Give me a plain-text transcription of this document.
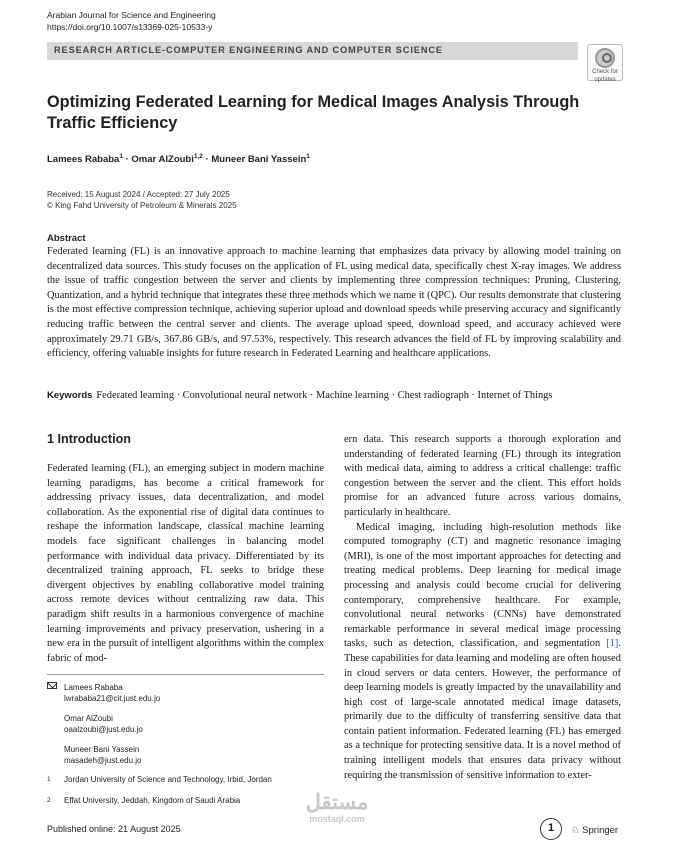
Arabian Journal for Science and Engineering
https://doi.org/10.1007/s13369-025-10533-y
RESEARCH ARTICLE-COMPUTER ENGINEERING AND COMPUTER SCIENCE
Check for
updates
Optimizing Federated Learning for Medical Images Analysis Through Traffic Efficiency
Lamees Rababa$^1$ · Omar AlZoubi$^{1,2}$ · Muneer Bani Yassein$^1$
Received: 15 August 2024 / Accepted: 27 July 2025
© King Fahd University of Petroleum & Minerals 2025
Abstract

Federated learning (FL) is an innovative approach to machine learning that emphasizes data privacy by allowing model training on decentralized data sources. This study focuses on the application of FL using medical data, specifically chest X-ray images. We address the issue of traffic congestion between the server and clients by implementing three compression techniques: Pruning, Clustering, Quantization, and a hybrid technique that integrates these three methods which we name it (QPC). Our results demonstrate that clustering is the most effective compression technique, achieving superior upload and download speeds while preserving accuracy and significantly reducing traffic between the central server and clients. The average upload speed, download speed, and accuracy achieved were approximately 29.71 GB/s, 367.86 GB/s, and 97.53%, respectively. This research advances the field of FL by improving scalability and efficiency, offering valuable insights for future research in Federated Learning and healthcare applications.

Keywords Federated learning · Convolutional neural network · Machine learning · Chest radiograph · Internet of Things
1 Introduction

Federated learning (FL), an emerging subject in modern machine learning paradigms, has become a critical framework for addressing privacy issues, data decentralization, and model collaboration. As the exponential rise of digital data continues to reshape the information landscape, classical machine learning models face significant challenges in balancing model performance with individual data privacy. Differentiated by its decentralized training approach, FL seeks to bridge these divergent objectives by enabling collaborative model training across remote devices without centralizing raw data. This paradigm shift results in a harmonious convergence of machine learning improvements and privacy preservation, ushering in a new era in the pursuit of intelligent algorithms within the complex fabric of mod-

ern data. This research supports a thorough exploration and understanding of federated learning (FL) through its integration with medical data, aiming to address a critical challenge: traffic congestion between the server and the client. This effort holds promise for an advanced future across various domains, particularly in healthcare.

Medical imaging, including high-resolution methods like computed tomography (CT) and magnetic resonance imaging (MRI), is one of the most important approaches for detecting and treating medical problems. Deep learning for medical image processing and analysis could become crucial for delivering contemporary, comprehensive healthcare. For example, convolutional neural networks (CNNs) have demonstrated remarkable performance in several medical image processing tasks, such as detection, classification, and segmentation [1]. These capabilities for data learning and modeling are often housed in cloud servers or data centers. However, the performance of deep learning models is greatly impacted by the unavailability and high cost of large-scale annotated medical image datasets, primarily due to the difficulty of transferring sensitive data that contain patient information. Federated learning (FL) has emerged as a technique for protecting sensitive data. It is a novel method of training intelligent models that ensures data privacy without requiring the transmission of sensitive information to exter-

Lamees Rababa
lwrababa21@cit.just.edu.jo
Omar AlZoubi
oaalzoubi@just.edu.jo
Muneer Bani Yassein
masadeh@just.edu.jo
1 Jordan University of Science and Technology, Irbid, Jordan
2 Effat University, Jeddah, Kingdom of Saudi Arabia	مستقل
mostaql.com
Published online: 21 August 2025	1	♘ Springer
